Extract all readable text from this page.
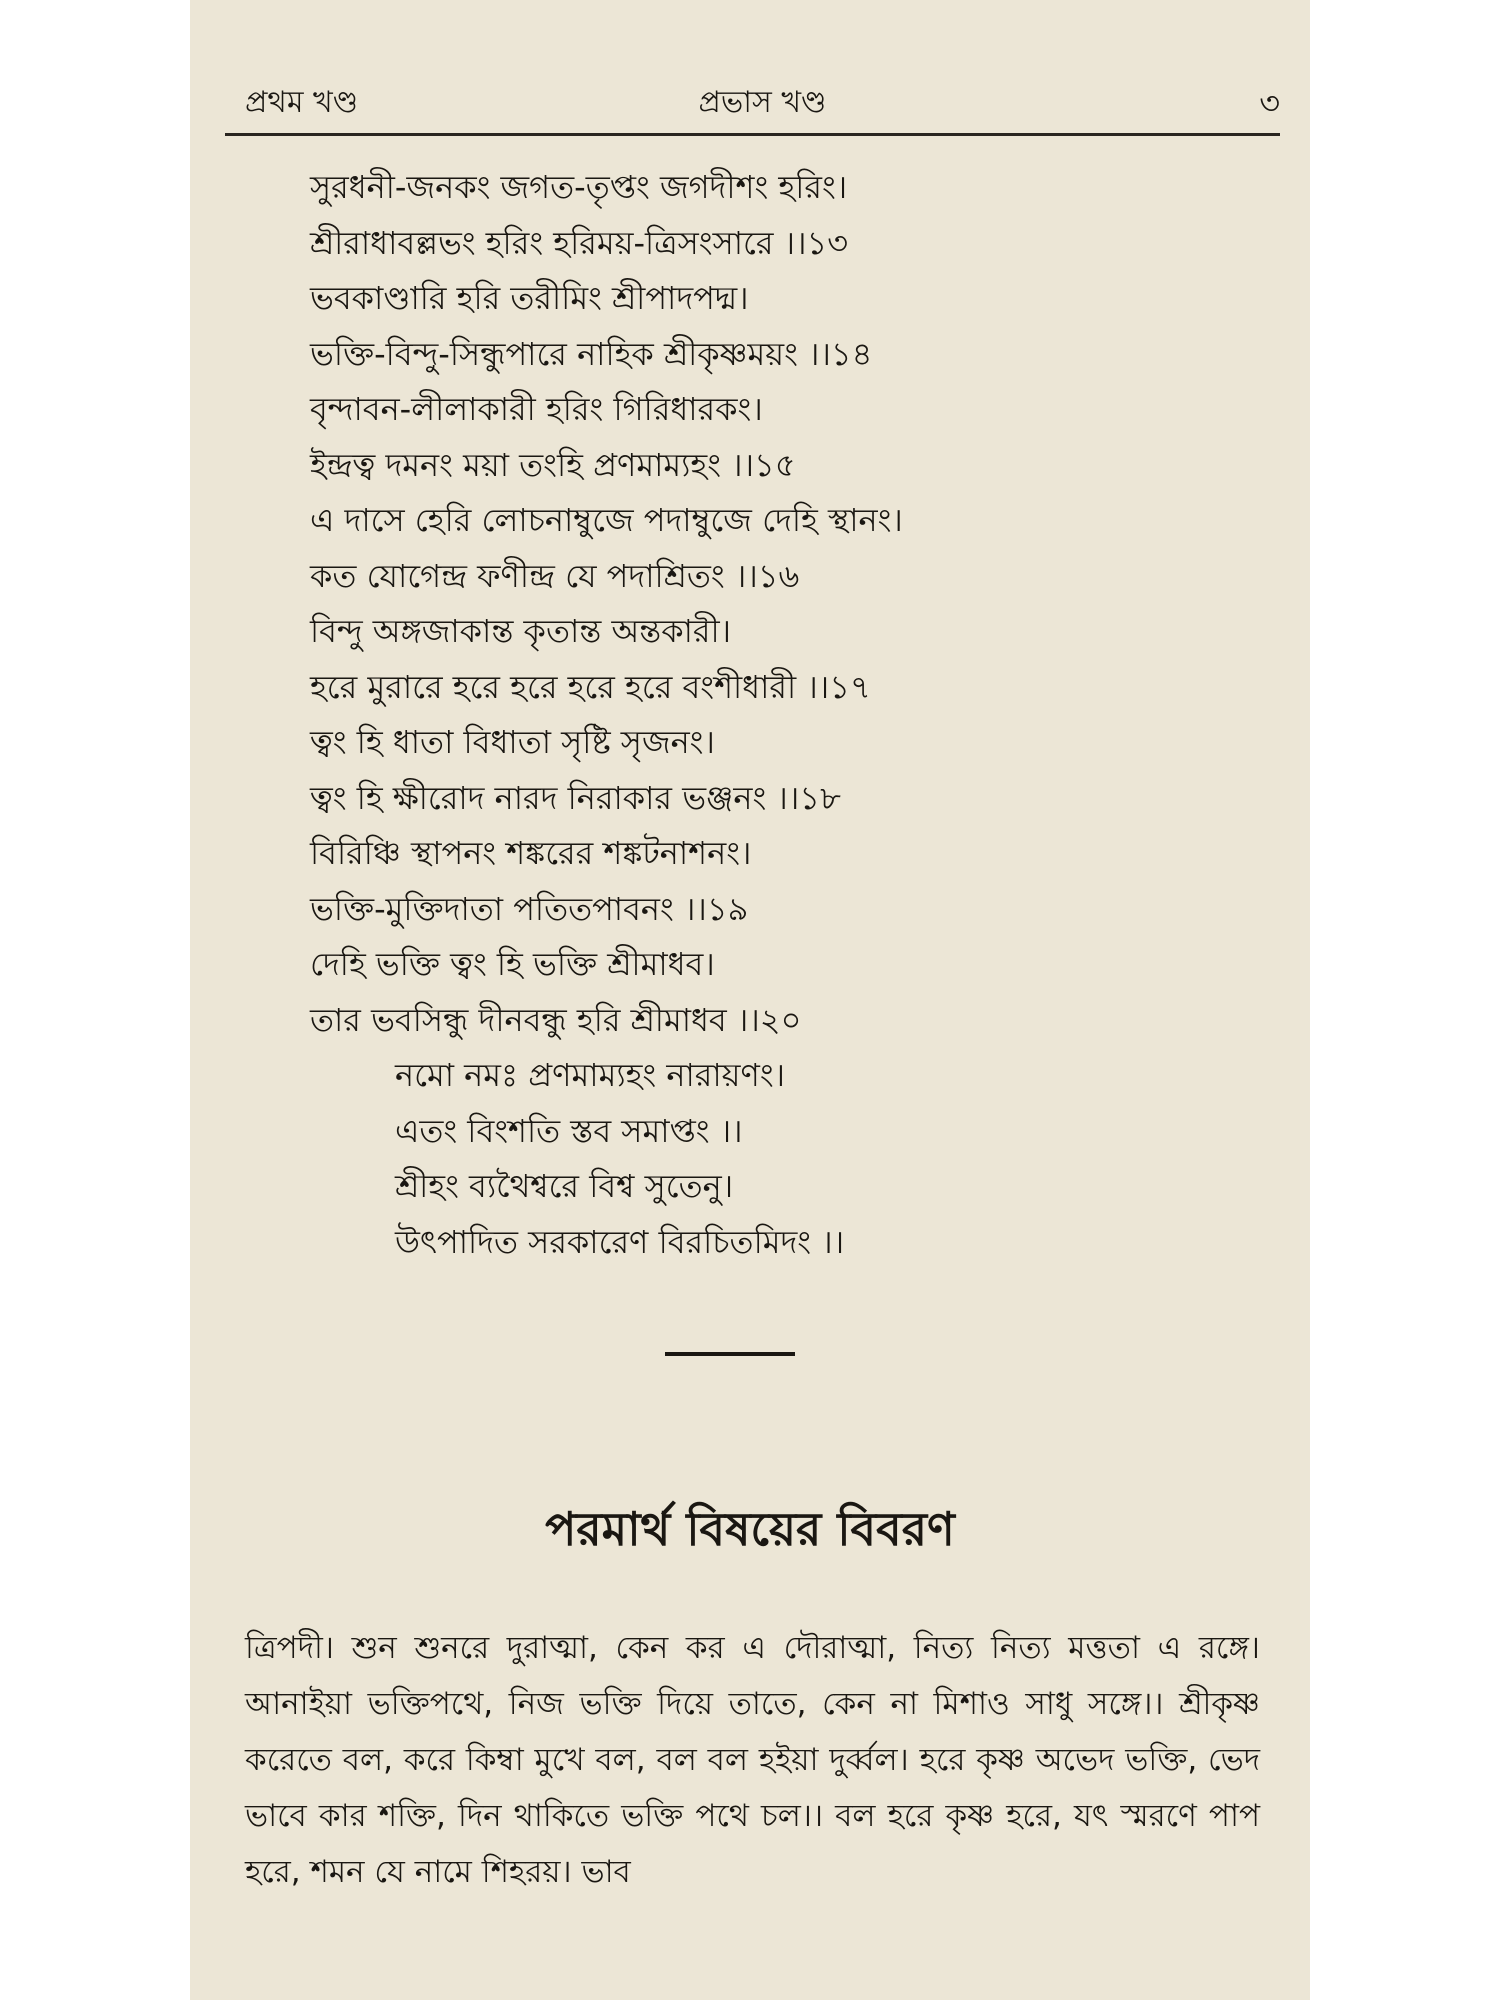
প্রথম খণ্ড	প্রভাস খণ্ড	৩
সুরধনী-জনকং জগত-তৃপ্তং জগদীশং হরিং।
শ্রীরাধাবল্লভং হরিং হরিময়-ত্রিসংসারে ।।১৩
ভবকাণ্ডারি হরি তরীমিং শ্রীপাদপদ্ম।
ভক্তি-বিন্দু-সিন্ধুপারে নাহিক শ্রীকৃষ্ণময়ং ।।১৪
বৃন্দাবন-লীলাকারী হরিং গিরিধারকং।
ইন্দ্রত্ব দমনং ময়া তংহি প্রণমাম্যহং ।।১৫
এ দাসে হেরি লোচনাম্বুজে পদাম্বুজে দেহি স্থানং।
কত যোগেন্দ্র ফণীন্দ্র যে পদাশ্রিতং ।।১৬
বিন্দু অঙ্গজাকান্ত কৃতান্ত অন্তকারী।
হরে মুরারে হরে হরে হরে হরে বংশীধারী ।।১৭
ত্বং হি ধাতা বিধাতা সৃষ্টি সৃজনং।
ত্বং হি ক্ষীরোদ নারদ নিরাকার ভঞ্জনং ।।১৮
বিরিঞ্চি স্থাপনং শঙ্করের শঙ্কটনাশনং।
ভক্তি-মুক্তিদাতা পতিতপাবনং ।।১৯
দেহি ভক্তি ত্বং হি ভক্তি শ্রীমাধব।
তার ভবসিন্ধু দীনবন্ধু হরি শ্রীমাধব ।।২০
নমো নমঃ প্রণমাম্যহং নারায়ণং।
এতং বিংশতি স্তব সমাপ্তং ।।
শ্রীহং ব্যথৈশ্বরে বিশ্ব সুতেনু।
উৎপাদিত সরকারেণ বিরচিতমিদং ।।
পরমার্থ বিষয়ের বিবরণ

ত্রিপদী। শুন শুনরে দুরাত্মা, কেন কর এ দৌরাত্মা, নিত্য নিত্য মত্ততা এ রঙ্গে। আনাইয়া ভক্তিপথে, নিজ ভক্তি দিয়ে তাতে, কেন না মিশাও সাধু সঙ্গে।। শ্রীকৃষ্ণ করেতে বল, করে কিম্বা মুখে বল, বল বল হইয়া দুর্ব্বল। হরে কৃষ্ণ অভেদ ভক্তি, ভেদ ভাবে কার শক্তি, দিন থাকিতে ভক্তি পথে চল।। বল হরে কৃষ্ণ হরে, যৎ স্মরণে পাপ হরে, শমন যে নামে শিহরয়। ভাব
